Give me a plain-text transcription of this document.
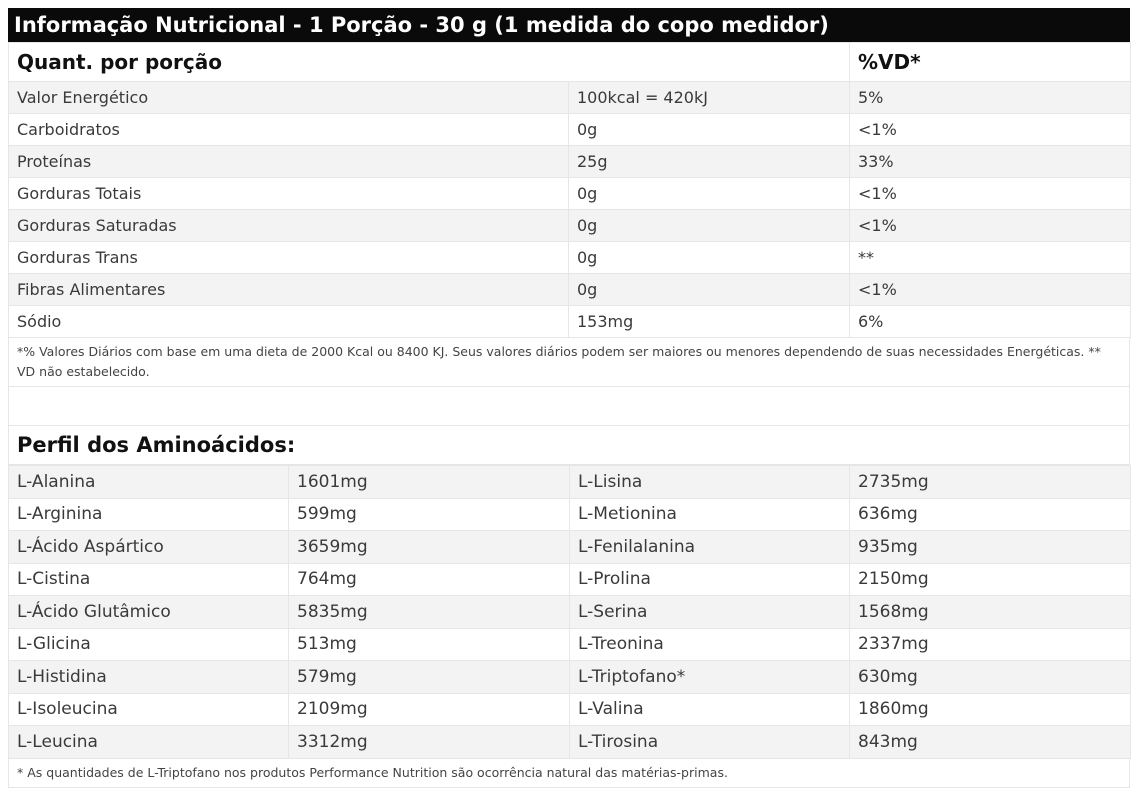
Informação Nutricional - 1 Porção - 30 g (1 medida do copo medidor)
Quant. por porção		%VD*
Valor Energético	100kcal = 420kJ	5%
Carboidratos	0g	<1%
Proteínas	25g	33%
Gorduras Totais	0g	<1%
Gorduras Saturadas	0g	<1%
Gorduras Trans	0g	**
Fibras Alimentares	0g	<1%
Sódio	153mg	6%
*% Valores Diários com base em uma dieta de 2000 Kcal ou 8400 KJ. Seus valores diários podem ser maiores ou menores dependendo de suas necessidades Energéticas. ** VD não estabelecido.
Perfil dos Aminoácidos:
L-Alanina	1601mg	L-Lisina	2735mg
L-Arginina	599mg	L-Metionina	636mg
L-Ácido Aspártico	3659mg	L-Fenilalanina	935mg
L-Cistina	764mg	L-Prolina	2150mg
L-Ácido Glutâmico	5835mg	L-Serina	1568mg
L-Glicina	513mg	L-Treonina	2337mg
L-Histidina	579mg	L-Triptofano*	630mg
L-Isoleucina	2109mg	L-Valina	1860mg
L-Leucina	3312mg	L-Tirosina	843mg
* As quantidades de L-Triptofano nos produtos Performance Nutrition são ocorrência natural das matérias-primas.
